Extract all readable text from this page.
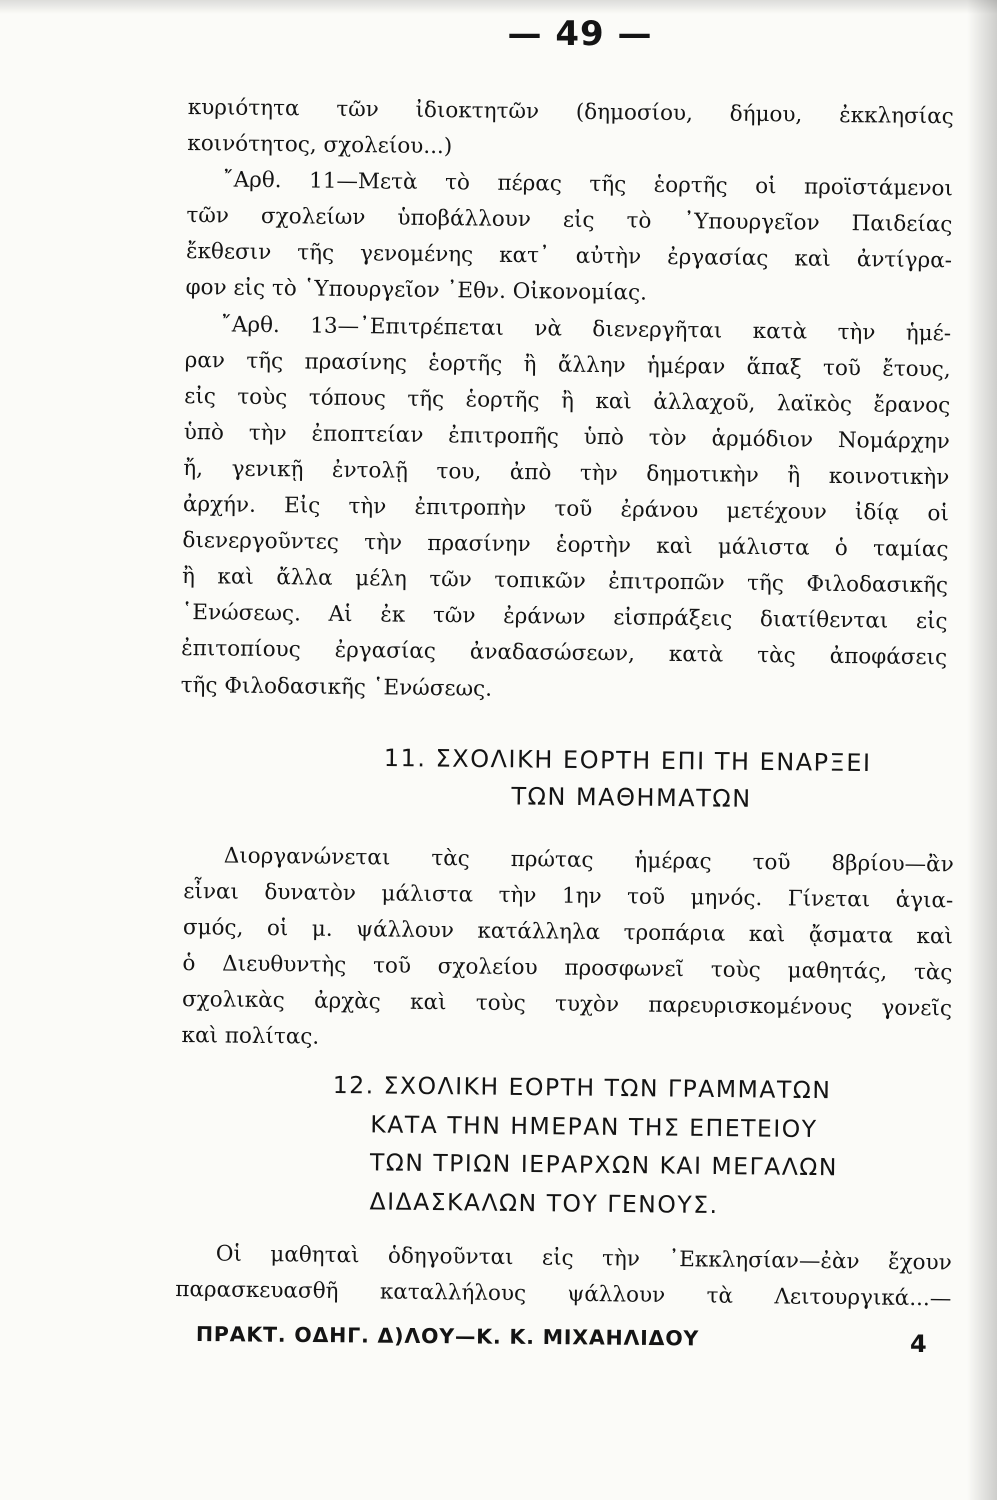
— 49 —
κυριότητα τῶν ἰδιοκτητῶν (δημοσίου, δήμου, ἐκκλησίας
κοινότητος, σχολείου...)
῎Αρθ. 11—Μετὰ τὸ πέρας τῆς ἑορτῆς οἱ προϊστάμενοι
τῶν σχολείων ὑποβάλλουν εἰς τὸ ᾿Υπουργεῖον Παιδείας
ἔκθεσιν τῆς γενομένης κατ᾿ αὐτὴν ἐργασίας καὶ ἀντίγρα-
φον εἰς τὸ ῾Υπουργεῖον ᾿Εθν. Οἰκονομίας.
῎Αρθ. 13—᾿Επιτρέπεται νὰ διενεργῆται κατὰ τὴν ἡμέ-
ραν τῆς πρασίνης ἑορτῆς ἢ ἄλλην ἡμέραν ἅπαξ τοῦ ἔτους,
εἰς τοὺς τόπους τῆς ἑορτῆς ἢ καὶ ἀλλαχοῦ, λαϊκὸς ἔρανος
ὑπὸ τὴν ἐποπτείαν ἐπιτροπῆς ὑπὸ τὸν ἁρμόδιον Νομάρχην
ἤ, γενικῇ ἐντολῇ του, ἀπὸ τὴν δημοτικὴν ἢ κοινοτικὴν
ἀρχήν. Εἰς τὴν ἐπιτροπὴν τοῦ ἐράνου μετέχουν ἰδίᾳ οἱ
διενεργοῦντες τὴν πρασίνην ἑορτὴν καὶ μάλιστα ὁ ταμίας
ἢ καὶ ἄλλα μέλη τῶν τοπικῶν ἐπιτροπῶν τῆς Φιλοδασικῆς
῾Ενώσεως. Αἱ ἐκ τῶν ἐράνων εἰσπράξεις διατίθενται εἰς
ἐπιτοπίους ἐργασίας ἀναδασώσεων, κατὰ τὰς ἀποφάσεις
τῆς Φιλοδασικῆς ῾Ενώσεως.
11. ΣΧΟΛΙΚΗ ΕΟΡΤΗ ΕΠΙ ΤΗ ΕΝΑΡΞΕΙ
ΤΩΝ ΜΑΘΗΜΑΤΩΝ
Διοργανώνεται τὰς πρώτας ἡμέρας τοῦ 8βρίου—ἂν
εἶναι δυνατὸν μάλιστα τὴν 1ην τοῦ μηνός. Γίνεται ἁγια-
σμός, οἱ μ. ψάλλουν κατάλληλα τροπάρια καὶ ᾄσματα καὶ
ὁ Διευθυντὴς τοῦ σχολείου προσφωνεῖ τοὺς μαθητάς, τὰς
σχολικὰς ἀρχὰς καὶ τοὺς τυχὸν παρευρισκομένους γονεῖς
καὶ πολίτας.
12. ΣΧΟΛΙΚΗ ΕΟΡΤΗ ΤΩΝ ΓΡΑΜΜΑΤΩΝ
ΚΑΤΑ ΤΗΝ ΗΜΕΡΑΝ ΤΗΣ ΕΠΕΤΕΙΟΥ
ΤΩΝ ΤΡΙΩΝ ΙΕΡΑΡΧΩΝ ΚΑΙ ΜΕΓΑΛΩΝ
ΔΙΔΑΣΚΑΛΩΝ ΤΟΥ ΓΕΝΟΥΣ.
Οἱ μαθηταὶ ὁδηγοῦνται εἰς τὴν ᾿Εκκλησίαν—ἐὰν ἔχουν
παρασκευασθῆ καταλλήλους ψάλλουν τὰ Λειτουργικά...—
ΠΡΑΚΤ. ΟΔΗΓ. Δ)ΛΟΥ—Κ. Κ. ΜΙΧΑΗΛΙΔΟΥ	4
